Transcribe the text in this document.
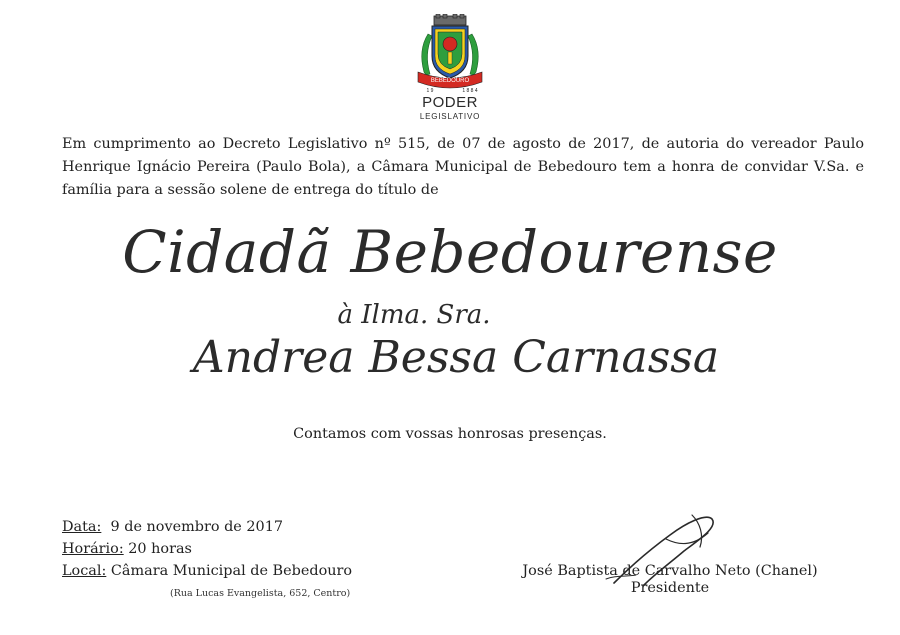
BEBEDOURO
1 9	1 8 8 4
PODER
LEGISLATIVO
Em cumprimento ao Decreto Legislativo nº 515, de 07 de agosto de 2017, de autoria do vereador Paulo Henrique Ignácio Pereira (Paulo Bola), a Câmara Municipal de Bebedouro tem a honra de convidar V.Sa. e família para a sessão solene de entrega do título de
Cidadã Bebedourense
à Ilma. Sra.
Andrea Bessa Carnassa
Contamos com vossas honrosas presenças.
Data: 9 de novembro de 2017
Horário: 20 horas
Local: Câmara Municipal de Bebedouro
(Rua Lucas Evangelista, 652, Centro)
José Baptista de Carvalho Neto (Chanel)
Presidente
